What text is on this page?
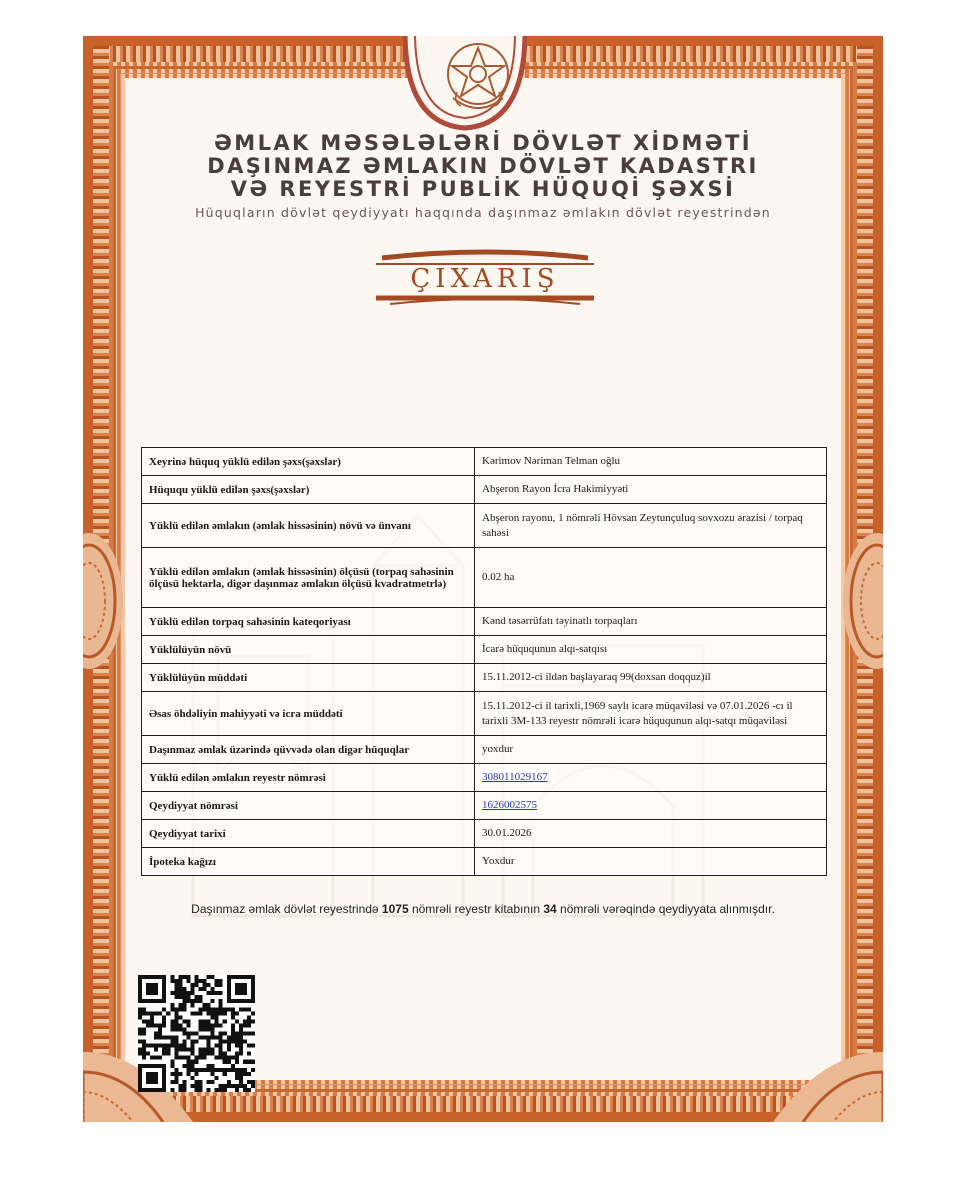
ƏMLAK MƏSƏLƏLƏRİ DÖVLƏT XİDMƏTİ
DAŞINMAZ ƏMLAKIN DÖVLƏT KADASTRI
VƏ REYESTRİ PUBLİK HÜQUQİ ŞƏXSİ
Hüquqların dövlət qeydiyyatı haqqında daşınmaz əmlakın dövlət reyestrindən
ÇIXARIŞ
Xeyrinə hüquq yüklü edilən şəxs(şəxslər)	Kərimov Nəriman Telman oğlu
Hüququ yüklü edilən şəxs(şəxslər)	Abşeron Rayon İcra Hakimiyyəti
Yüklü edilən əmlakın (əmlak hissəsinin) növü və ünvanı	Abşeron rayonu, 1 nömrəli Hövsan Zeytunçuluq sovxozu ərazisi / torpaq sahəsi
Yüklü edilən əmlakın (əmlak hissəsinin) ölçüsü (torpaq sahəsinin ölçüsü hektarla, digər daşınmaz əmlakın ölçüsü kvadratmetrlə)	0.02 ha
Yüklü edilən torpaq sahəsinin kateqoriyası	Kənd təsərrüfatı təyinatlı torpaqları
Yüklülüyün növü	İcarə hüququnun alqı-satqısı
Yüklülüyün müddəti	15.11.2012-ci ildən başlayaraq 99(doxsan doqquz)il
Əsas öhdəliyin mahiyyəti və icra müddəti	15.11.2012-ci il tarixli,1969 saylı icarə müqaviləsi və 07.01.2026 -cı il tarixli 3M-133 reyestr nömrəli icarə hüququnun alqı-satqı müqaviləsi
Daşınmaz əmlak üzərində qüvvədə olan digər hüquqlar	yoxdur
Yüklü edilən əmlakın reyestr nömrəsi	308011029167
Qeydiyyat nömrəsi	1626002575
Qeydiyyat tarixi	30.01.2026
İpoteka kağızı	Yoxdur
Daşınmaz əmlak dövlət reyestrində 1075 nömrəli reyestr kitabının 34 nömrəli vərəqində qeydiyyata alınmışdır.
